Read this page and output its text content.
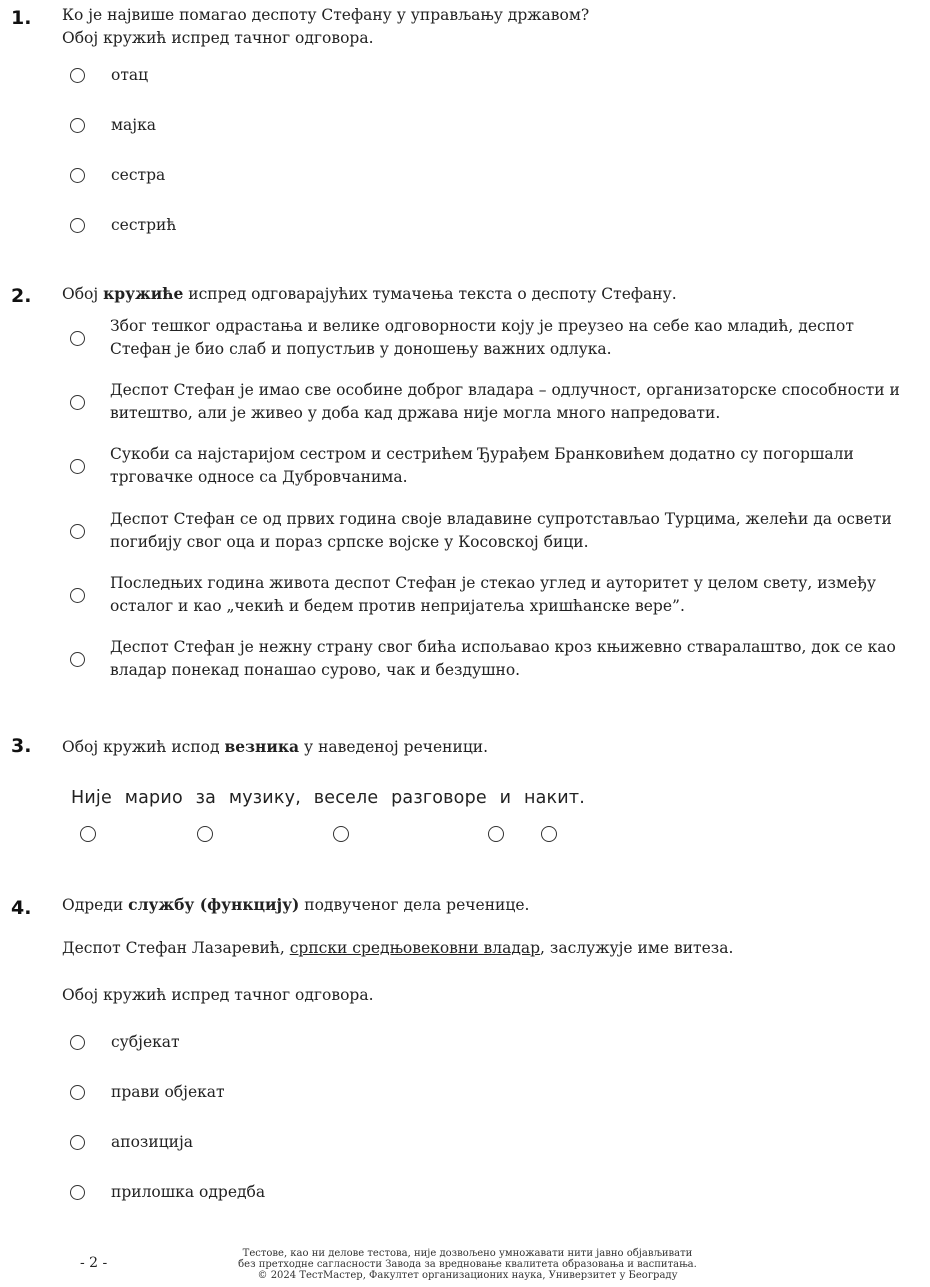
1. Ко је највише помагао деспоту Стефану у управљању државом?
Обој кружић испред тачног одговора.
отац
мајка
сестра
сестрић
2. Обој кружиће испред одговарајућих тумачења текста о деспоту Стефану.
Због тешког одрастања и велике одговорности коју је преузео на себе као младић, деспот
Стефан је био слаб и попустљив у доношењу важних одлука.
Деспот Стефан је имао све особине доброг владара – одлучност, организаторске способности и
витештво, али је живео у доба кад држава није могла много напредовати.
Сукоби са најстаријом сестром и сестрићем Ђурађем Бранковићем додатно су погоршали
трговачке односе са Дубровчанима.
Деспот Стефан се од првих година своје владавине супротстављао Турцима, желећи да освети
погибију свог оца и пораз српске војске у Косовској бици.
Последњих година живота деспот Стефан је стекао углед и ауторитет у целом свету, између
осталог и као „чекић и бедем против непријатеља хришћанске вере”.
Деспот Стефан је нежну страну свог бића испољавао кроз књижевно стваралаштво, док се као
владар понекад понашао сурово, чак и бездушно.
3. Обој кружић испод везника у наведеној реченици.
Није марио за музику, веселе разговоре и накит.
4. Одреди службу (функцију) подвученог дела реченице.
Деспот Стефан Лазаревић, српски средњовековни владар, заслужује име витеза.
Обој кружић испред тачног одговора.
субјекат
прави објекат
апозиција
прилошка одредба
- 2 -
Тестове, као ни делове тестова, није дозвољено умножавати нити јавно објављивати
без претходне сагласности Завода за вредновање квалитета образовања и васпитања.
© 2024 ТестМастер, Факултет организационих наука, Универзитет у Београду
